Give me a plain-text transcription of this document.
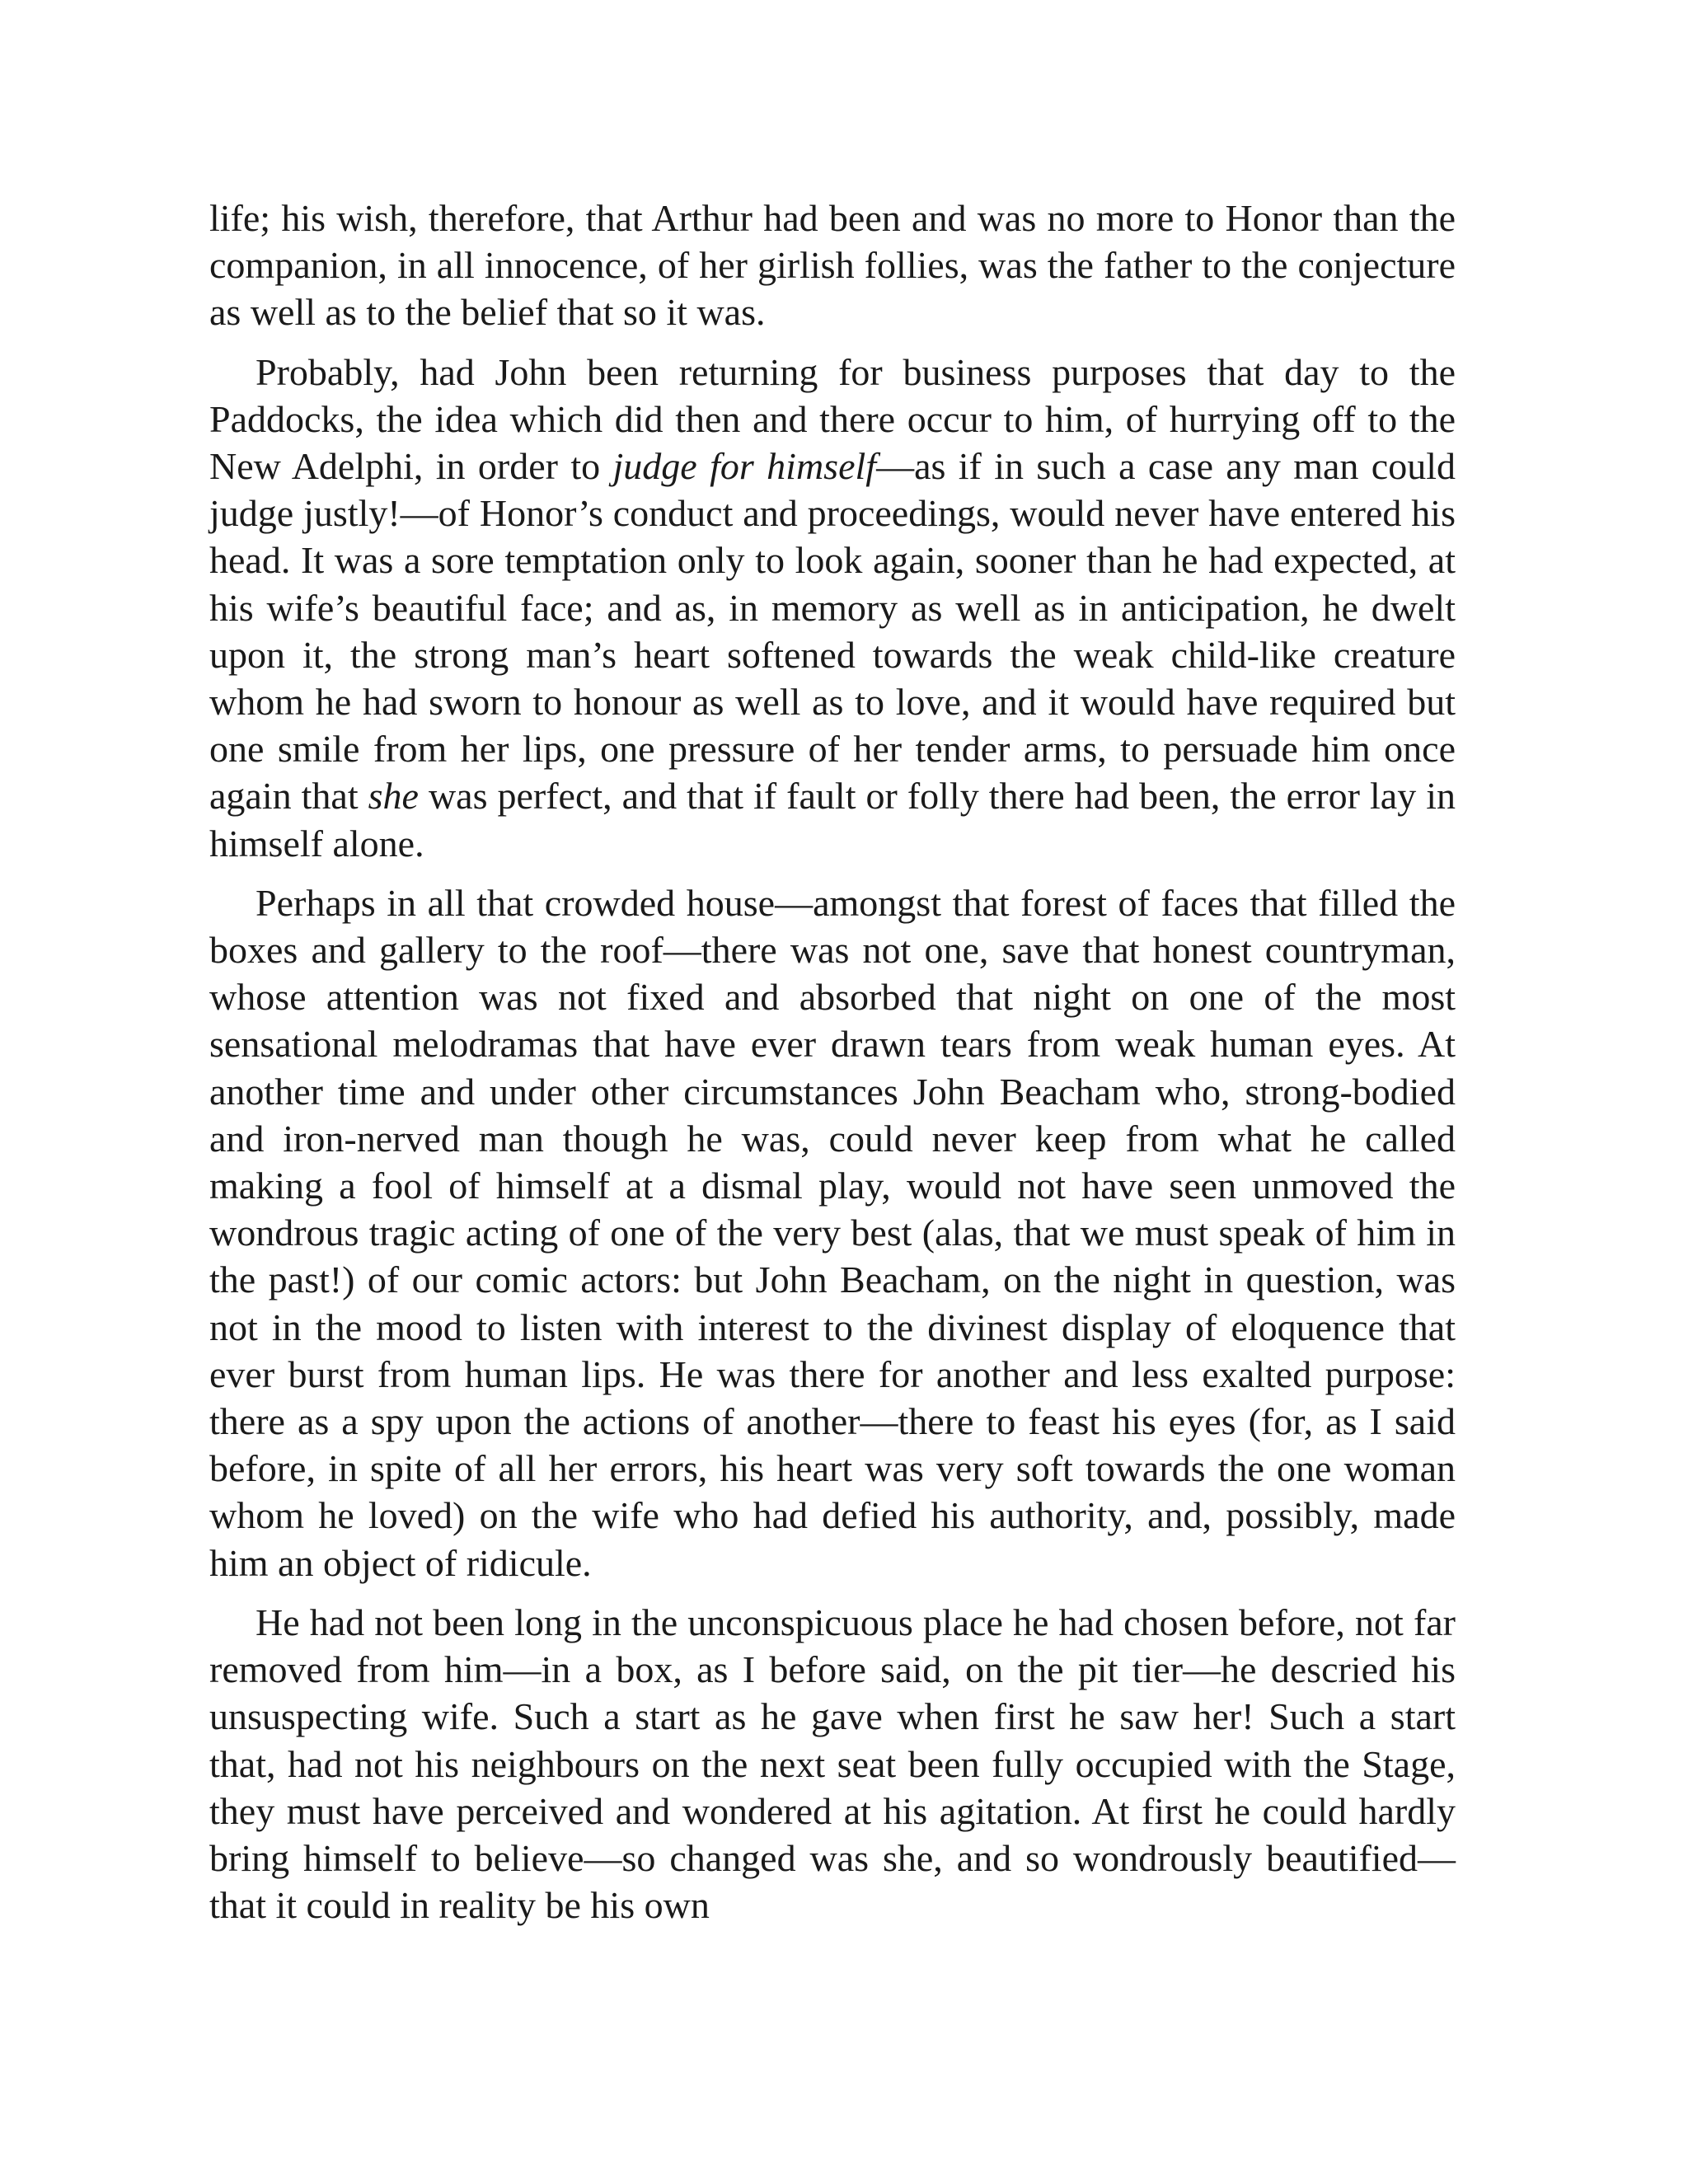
life; his wish, therefore, that Arthur had been and was no more to Honor than the companion, in all innocence, of her girlish follies, was the father to the conjecture as well as to the belief that so it was.

Probably, had John been returning for business purposes that day to the Paddocks, the idea which did then and there occur to him, of hurrying off to the New Adelphi, in order to judge for himself—as if in such a case any man could judge justly!—of Honor’s conduct and proceedings, would never have entered his head. It was a sore temptation only to look again, sooner than he had expected, at his wife’s beautiful face; and as, in memory as well as in anticipation, he dwelt upon it, the strong man’s heart softened towards the weak child-like creature whom he had sworn to honour as well as to love, and it would have required but one smile from her lips, one pressure of her tender arms, to persuade him once again that she was perfect, and that if fault or folly there had been, the error lay in himself alone.

Perhaps in all that crowded house—amongst that forest of faces that filled the boxes and gallery to the roof—there was not one, save that honest countryman, whose attention was not fixed and absorbed that night on one of the most sensational melodramas that have ever drawn tears from weak human eyes. At another time and under other circumstances John Beacham who, strong-bodied and iron-nerved man though he was, could never keep from what he called making a fool of himself at a dismal play, would not have seen unmoved the wondrous tragic acting of one of the very best (alas, that we must speak of him in the past!) of our comic actors: but John Beacham, on the night in question, was not in the mood to listen with interest to the divinest display of eloquence that ever burst from human lips. He was there for another and less exalted purpose: there as a spy upon the actions of another—there to feast his eyes (for, as I said before, in spite of all her errors, his heart was very soft towards the one woman whom he loved) on the wife who had defied his authority, and, possibly, made him an object of ridicule.

He had not been long in the unconspicuous place he had chosen before, not far removed from him—in a box, as I before said, on the pit tier—he descried his unsuspecting wife. Such a start as he gave when first he saw her! Such a start that, had not his neighbours on the next seat been fully occupied with the Stage, they must have perceived and wondered at his agitation. At first he could hardly bring himself to believe—so changed was she, and so wondrously beautified—that it could in reality be his own
